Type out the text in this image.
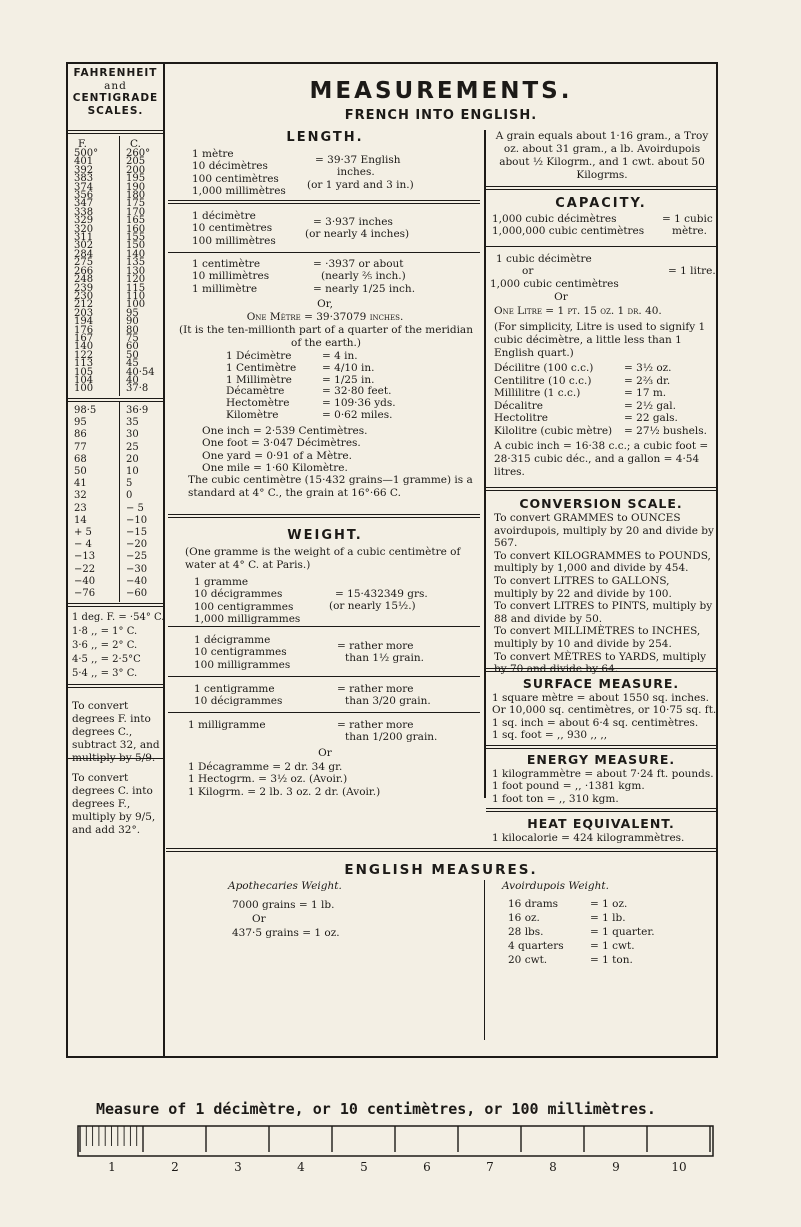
FAHRENHEIT
and
CENTIGRADE
SCALES.
F.	C.
500°	260°
401	205
392	200
383	195
374	190
356	180
347	175
338	170
329	165
320	160
311	155
302	150
284	140
275	135
266	130
248	120
239	115
230	110
212	100
203	95
194	90
176	80
167	75
140	60
122	50
113	45
105	40·54
104	40
100	37·8
98·5	36·9
95	35
86	30
77	25
68	20
50	10
41	5
32	0
23	− 5
14	−10
+ 5	−15
− 4	−20
−13	−25
−22	−30
−40	−40
−76	−60
1 deg. F. = ·54° C.
1·8 ,, = 1° C.
3·6 ,, = 2° C.
4·5 ,, = 2·5°C
5·4 ,, = 3° C.
To convert degrees F. into degrees C., subtract 32, and multiply by 5/9.
To convert degrees C. into degrees F., multiply by 9/5, and add 32°.
MEASUREMENTS.
FRENCH INTO ENGLISH.
LENGTH.
1 mètre
10 décimètres
100 centimètres
1,000 millimètres
= 39·37 English
inches.
(or 1 yard and 3 in.)
1 décimètre
10 centimètres
100 millimètres
= 3·937 inches
(or nearly 4 inches)
1 centimètre
10 millimètres
1 millimètre
= ·3937 or about
(nearly ⅖ inch.)
= nearly 1/25 inch.
Or,
One Mètre = 39·37079 inches.
(It is the ten-millionth part of a quarter of the meridian of the earth.)
1 Décimètre	= 4 in.
1 Centimètre	= 4/10 in.
1 Millimètre	= 1/25 in.
Décamètre	= 32·80 feet.
Hectomètre	= 109·36 yds.
Kilomètre	= 0·62 miles.
One inch = 2·539 Centimètres.
One foot = 3·047 Décimètres.
One yard = 0·91 of a Mètre.
One mile = 1·60 Kilomètre.
The cubic centimètre (15·432 grains—1 gramme) is a standard at 4° C., the grain at 16°·66 C.
WEIGHT.
(One gramme is the weight of a cubic centimètre of water at 4° C. at Paris.)
1 gramme
10 décigrammes
100 centigrammes
1,000 milligrammes
= 15·432349 grs.
(or nearly 15½.)
1 décigramme
10 centigrammes
100 milligrammes
= rather more
than 1½ grain.
1 centigramme
10 décigrammes
= rather more
than 3/20 grain.
1 milligramme	= rather more
than 1/200 grain.
Or
1 Décagramme = 2 dr. 34 gr.
1 Hectogrm. = 3½ oz. (Avoir.)
1 Kilogrm. = 2 lb. 3 oz. 2 dr. (Avoir.)
A grain equals about 1·16 gram., a Troy oz. about 31 gram., a lb. Avoirdupois about ½ Kilogrm., and 1 cwt. about 50 Kilogrms.
CAPACITY.
1,000 cubic décimètres
1,000,000 cubic centimètres
= 1 cubic
mètre.
1 cubic décimètre
or
1,000 cubic centimètres
= 1 litre.
Or
One Litre = 1 pt. 15 oz. 1 dr. 40.
(For simplicity, Litre is used to signify 1 cubic décimètre, a little less than 1 English quart.)
Décilitre (100 c.c.)	= 3½ oz.
Centilitre (10 c.c.)	= 2⅔ dr.
Millilitre (1 c.c.)	= 17 m.
Décalitre	= 2½ gal.
Hectolitre	= 22 gals.
Kilolitre (cubic mètre)	= 27½ bushels.
A cubic inch = 16·38 c.c.; a cubic foot = 28·315 cubic déc., and a gallon = 4·54 litres.
CONVERSION SCALE.
To convert GRAMMES to OUNCES avoirdupois, multiply by 20 and divide by 567.
To convert KILOGRAMMES to POUNDS, multiply by 1,000 and divide by 454.
To convert LITRES to GALLONS, multiply by 22 and divide by 100.
To convert LITRES to PINTS, multiply by 88 and divide by 50.
To convert MILLIMÈTRES to INCHES, multiply by 10 and divide by 254.
To convert MÈTRES to YARDS, multiply by 70 and divide by 64.
SURFACE MEASURE.
1 square mètre = about 1550 sq. inches.
Or 10,000 sq. centimètres, or 10·75 sq. ft.
1 sq. inch = about 6·4 sq. centimètres.
1 sq. foot = ,, 930 ,, ,,
ENERGY MEASURE.
1 kilogrammètre = about 7·24 ft. pounds.
1 foot pound = ,, ·1381 kgm.
1 foot ton = ,, 310 kgm.
HEAT EQUIVALENT.
1 kilocalorie = 424 kilogrammètres.
ENGLISH MEASURES.
Apothecaries Weight.
7000 grains = 1 lb.
Or
437·5 grains = 1 oz.
Avoirdupois Weight.
16 drams	= 1 oz.
16 oz.	= 1 lb.
28 lbs.	= 1 quarter.
4 quarters	= 1 cwt.
20 cwt.	= 1 ton.
Measure of 1 décimètre, or 10 centimètres, or 100 millimètres.
1	2	3	4	5	6	7	8	9	10
